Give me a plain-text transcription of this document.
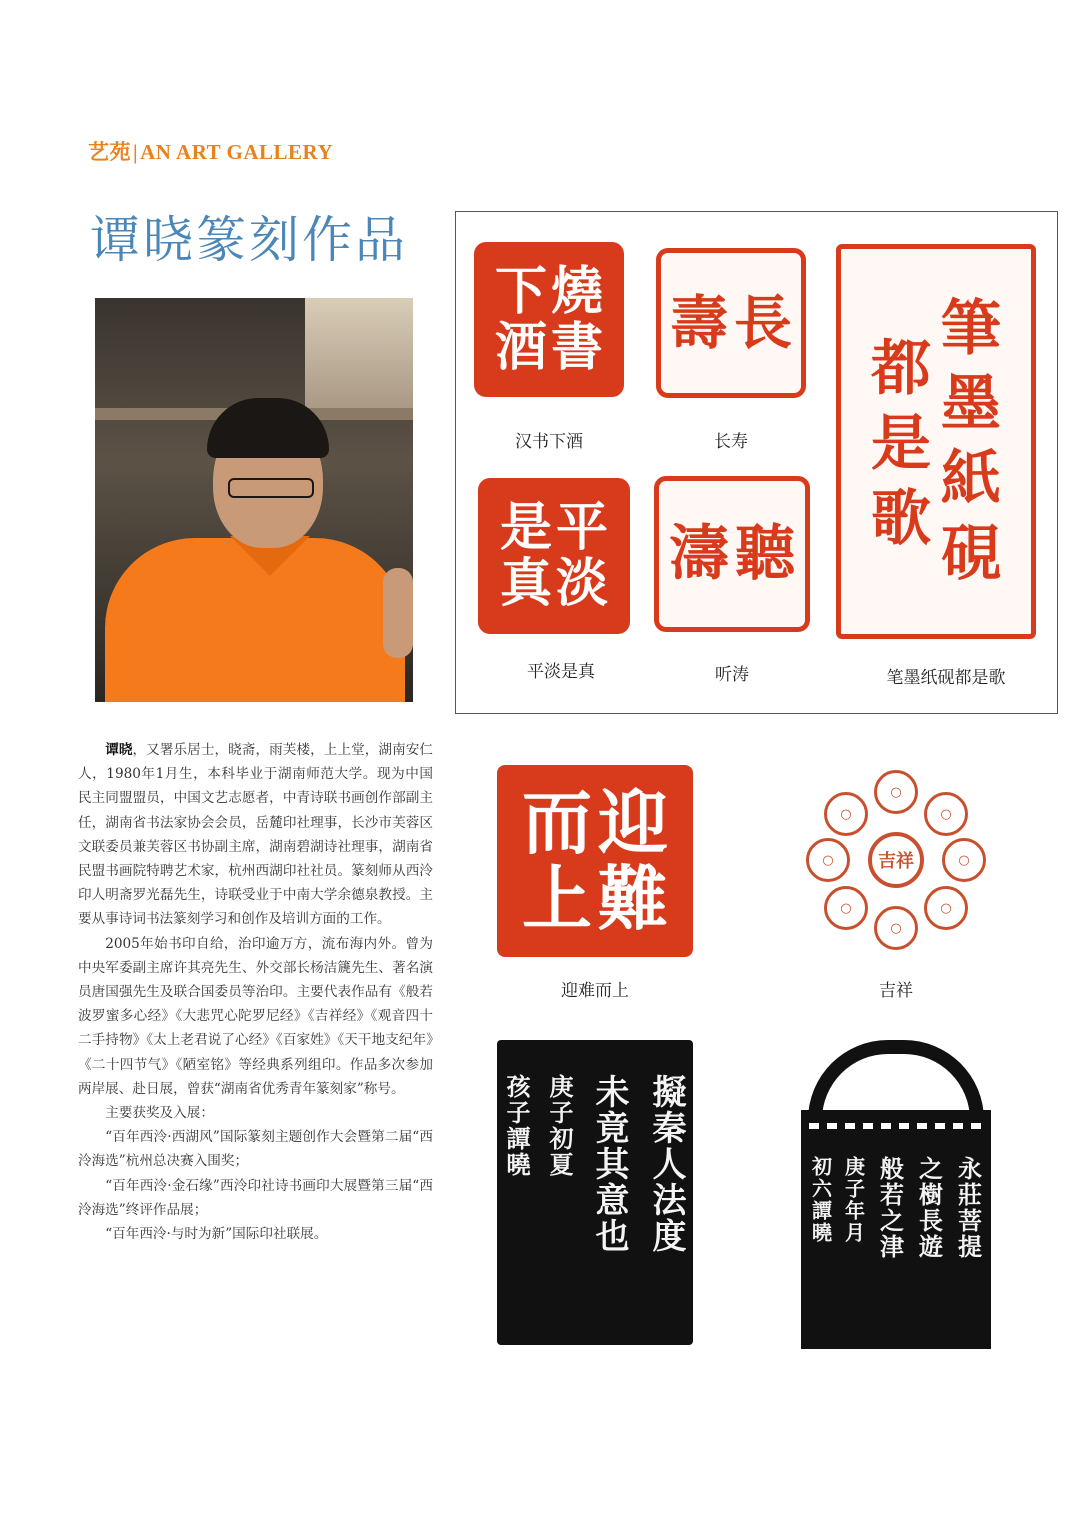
艺苑|AN ART GALLERY
谭晓篆刻作品
下 燒
酒 書
汉书下酒
長
壽
长寿
筆
墨
紙
硯
都
是
歌
笔墨纸砚都是歌
是 平
真 淡
平淡是真
聽
濤
听涛

谭晓，又署乐居士，晓斋，雨芙楼，上上堂，湖南安仁人，1980年1月生，本科毕业于湖南师范大学。现为中国民主同盟盟员，中国文艺志愿者，中青诗联书画创作部副主任，湖南省书法家协会会员，岳麓印社理事，长沙市芙蓉区文联委员兼芙蓉区书协副主席，湖南碧湖诗社理事，湖南省民盟书画院特聘艺术家，杭州西湖印社社员。篆刻师从西泠印人明斋罗光磊先生，诗联受业于中南大学余德泉教授。主要从事诗词书法篆刻学习和创作及培训方面的工作。

2005年始书印自给，治印逾万方，流布海内外。曾为中央军委副主席许其亮先生、外交部长杨洁篪先生、著名演员唐国强先生及联合国委员等治印。主要代表作品有《般若波罗蜜多心经》《大悲咒心陀罗尼经》《吉祥经》《观音四十二手持物》《太上老君说了心经》《百家姓》《天干地支纪年》《二十四节气》《陋室铭》等经典系列组印。作品多次参加两岸展、赴日展，曾获“湖南省优秀青年篆刻家”称号。

主要获奖及入展：

“百年西泠·西湖风”国际篆刻主题创作大会暨第二届“西泠海选”杭州总决赛入围奖；

“百年西泠·金石缘”西泠印社诗书画印大展暨第三届“西泠海选”终评作品展；

“百年西泠·与时为新”国际印社联展。

而 迎
上 難
迎难而上
○
○
○
○
○
○
○
○
吉祥
吉祥
擬秦人法度
未竟其意也
庚子初夏
孩子譚曉
永莊菩提
之樹長遊
般若之津
庚子年月
初六譚曉
